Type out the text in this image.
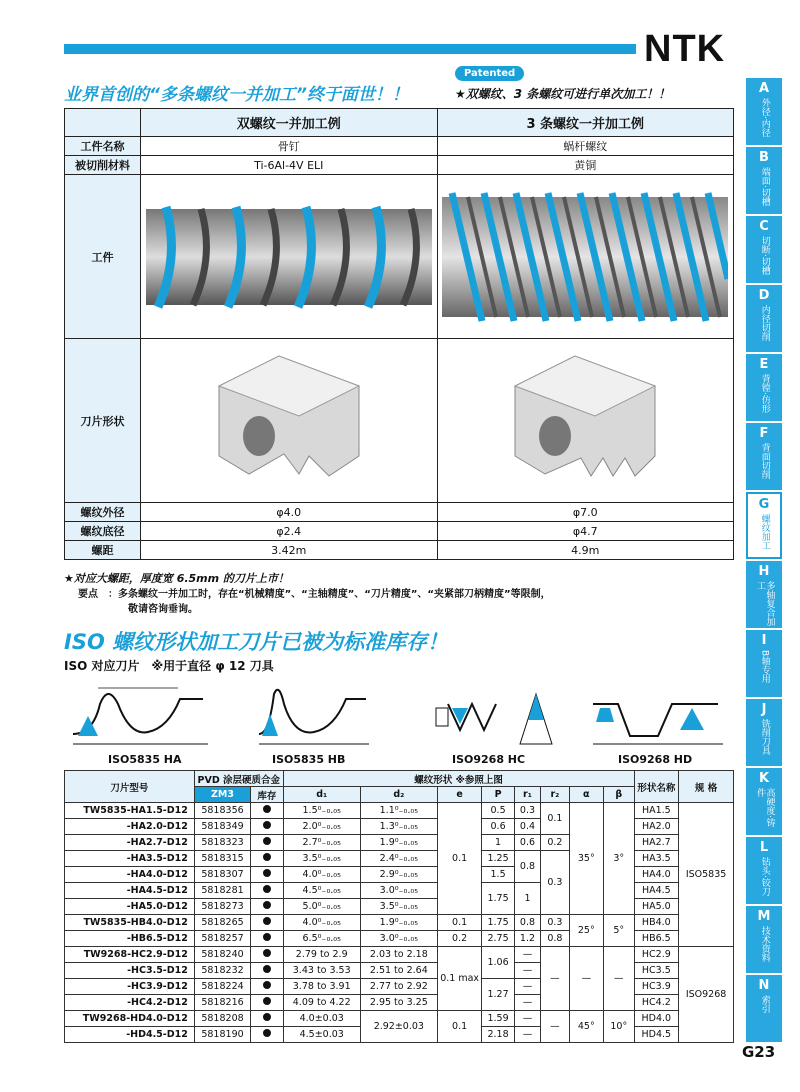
NTK
业界首创的“多条螺纹一并加工”终于面世！！
Patented
★双螺纹、3 条螺纹可进行单次加工！！	A
外径·内径
B
端面·切槽
C
切断·切槽
D
内径切削
E
背镗·仿形
F
背面切削
G
螺纹加工
H
多轴复合加工
I
B轴专用
J
铣削刀具
K
高硬度·铸件
L
钻头·铰刀
M
技术资料
N
索引
G23
	双螺纹一并加工例	3 条螺纹一并加工例
工件名称	骨钉	蜗杆螺纹
被切削材料	Ti-6Al-4V ELI	黄铜
工件	

刀片形状	

螺纹外径	φ4.0	φ7.0
螺纹底径	φ2.4	φ4.7
螺距	3.42m	4.9m
★对应大螺距，厚度宽 6.5mm 的刀片上市！
要点　：多条螺纹一并加工时，存在“机械精度”、“主轴精度”、“刀片精度”、“夹紧部刀柄精度”等限制，
敬请咨询垂询。
ISO 螺纹形状加工刀片已被为标准库存！
ISO 对应刀片　※用于直径 φ 12 刀具
ISO5835 HA	ISO5835 HB	ISO9268 HC	ISO9268 HD
刀片型号	PVD 涂层硬质合金		螺纹形状 ※参照上图								形状名称	规 格
	ZM3	库存	d₁	d₂	e	P	r₁	r₂	α	β		
TW5835-HA1.5-D12	5818356		1.5⁰₋₀.₀₅	1.1⁰₋₀.₀₅	0.1	0.5	0.3	0.1	35°	3°	HA1.5	ISO5835
-HA2.0-D12	5818349		2.0⁰₋₀.₀₅	1.3⁰₋₀.₀₅		0.6	0.4				HA2.0	
-HA2.7-D12	5818323		2.7⁰₋₀.₀₅	1.9⁰₋₀.₀₅		1	0.6	0.2			HA2.7	
-HA3.5-D12	5818315		3.5⁰₋₀.₀₅	2.4⁰₋₀.₀₅		1.25	0.8	0.3			HA3.5	
-HA4.0-D12	5818307		4.0⁰₋₀.₀₅	2.9⁰₋₀.₀₅		1.5					HA4.0	
-HA4.5-D12	5818281		4.5⁰₋₀.₀₅	3.0⁰₋₀.₀₅		1.75	1				HA4.5	
-HA5.0-D12	5818273		5.0⁰₋₀.₀₅	3.5⁰₋₀.₀₅							HA5.0	
TW5835-HB4.0-D12	5818265		4.0⁰₋₀.₀₅	1.9⁰₋₀.₀₅	0.1	1.75	0.8	0.3	25°	5°	HB4.0	
-HB6.5-D12	5818257		6.5⁰₋₀.₀₅	3.0⁰₋₀.₀₅	0.2	2.75	1.2	0.8			HB6.5	
TW9268-HC2.9-D12	5818240		2.79 to 2.9	2.03 to 2.18	0.1 max	1.06	—	—	—	—	HC2.9	ISO9268
-HC3.5-D12	5818232		3.43 to 3.53	2.51 to 2.64			—				HC3.5	
-HC3.9-D12	5818224		3.78 to 3.91	2.77 to 2.92		1.27	—				HC3.9	
-HC4.2-D12	5818216		4.09 to 4.22	2.95 to 3.25			—				HC4.2	
TW9268-HD4.0-D12	5818208		4.0±0.03	2.92±0.03	0.1	1.59	—	—	45°	10°	HD4.0	
-HD4.5-D12	5818190		4.5±0.03			2.18	—				HD4.5	
